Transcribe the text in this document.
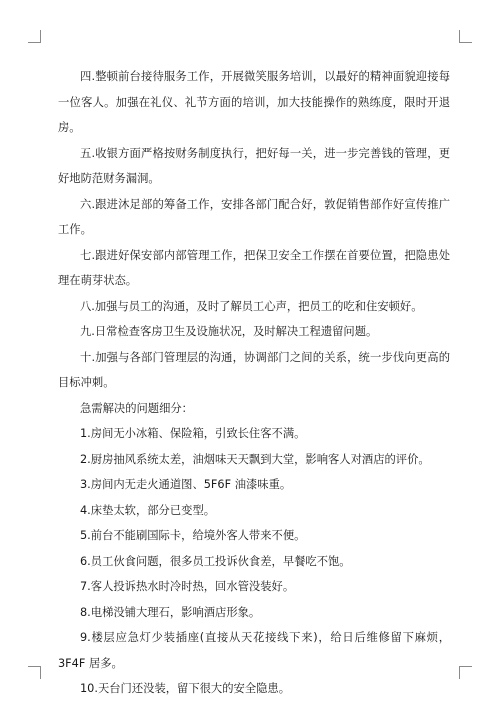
四.整顿前台接待服务工作，开展微笑服务培训，以最好的精神面貌迎接每一位客人。加强在礼仪、礼节方面的培训，加大技能操作的熟练度，限时开退房。

五.收银方面严格按财务制度执行，把好每一关，进一步完善钱的管理，更好地防范财务漏洞。

六.跟进沐足部的筹备工作，安排各部门配合好，敦促销售部作好宣传推广工作。

七.跟进好保安部内部管理工作，把保卫安全工作摆在首要位置，把隐患处理在萌芽状态。

八.加强与员工的沟通，及时了解员工心声，把员工的吃和住安顿好。

九.日常检查客房卫生及设施状况，及时解决工程遗留问题。

十.加强与各部门管理层的沟通，协调部门之间的关系，统一步伐向更高的目标冲刺。

急需解决的问题细分：

1.房间无小冰箱、保险箱，引致长住客不满。

2.厨房抽风系统太差，油烟味天天飘到大堂，影响客人对酒店的评价。

3.房间内无走火通道图、5F6F 油漆味重。

4.床垫太软，部分已变型。

5.前台不能刷国际卡，给境外客人带来不便。

6.员工伙食问题，很多员工投诉伙食差，早餐吃不饱。

7.客人投诉热水时冷时热，回水管没装好。

8.电梯没铺大理石，影响酒店形象。

9.楼层应急灯少装插座(直接从天花接线下来)，给日后维修留下麻烦，3F4F 居多。

10.天台门还没装，留下很大的安全隐患。
